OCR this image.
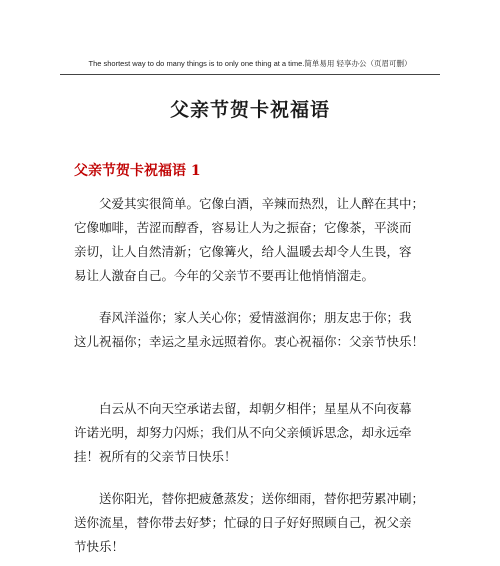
The shortest way to do many things is to only one thing at a time.简单易用 轻享办公（页眉可删）
父亲节贺卡祝福语
父亲节贺卡祝福语 1
　　父爱其实很简单。它像白酒，辛辣而热烈，让人醉在其中；
它像咖啡，苦涩而醇香，容易让人为之振奋；它像茶，平淡而
亲切，让人自然清新；它像篝火，给人温暖去却令人生畏，容
易让人激奋自己。今年的父亲节不要再让他悄悄溜走。
　　春风洋溢你；家人关心你；爱情滋润你；朋友忠于你；我
这儿祝福你；幸运之星永远照着你。衷心祝福你：父亲节快乐！
　　白云从不向天空承诺去留，却朝夕相伴；星星从不向夜幕
许诺光明，却努力闪烁；我们从不向父亲倾诉思念，却永远牵
挂！祝所有的父亲节日快乐！
　　送你阳光，替你把疲惫蒸发；送你细雨，替你把劳累冲刷；
送你流星，替你带去好梦；忙碌的日子好好照顾自己，祝父亲
节快乐！
